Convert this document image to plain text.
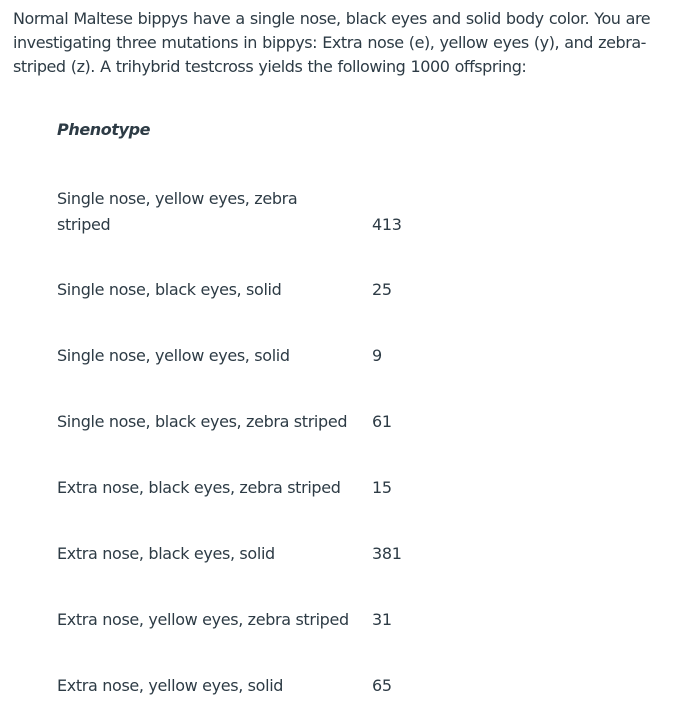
Normal Maltese bippys have a single nose, black eyes and solid body color. You are investigating three mutations in bippys: Extra nose (e), yellow eyes (y), and zebra-striped (z). A trihybrid testcross yields the following 1000 offspring:

Phenotype
Single nose, yellow eyes, zebra striped	413
Single nose, black eyes, solid	25
Single nose, yellow eyes, solid	9
Single nose, black eyes, zebra striped	61
Extra nose, black eyes, zebra striped	15
Extra nose, black eyes, solid	381
Extra nose, yellow eyes, zebra striped	31
Extra nose, yellow eyes, solid	65
